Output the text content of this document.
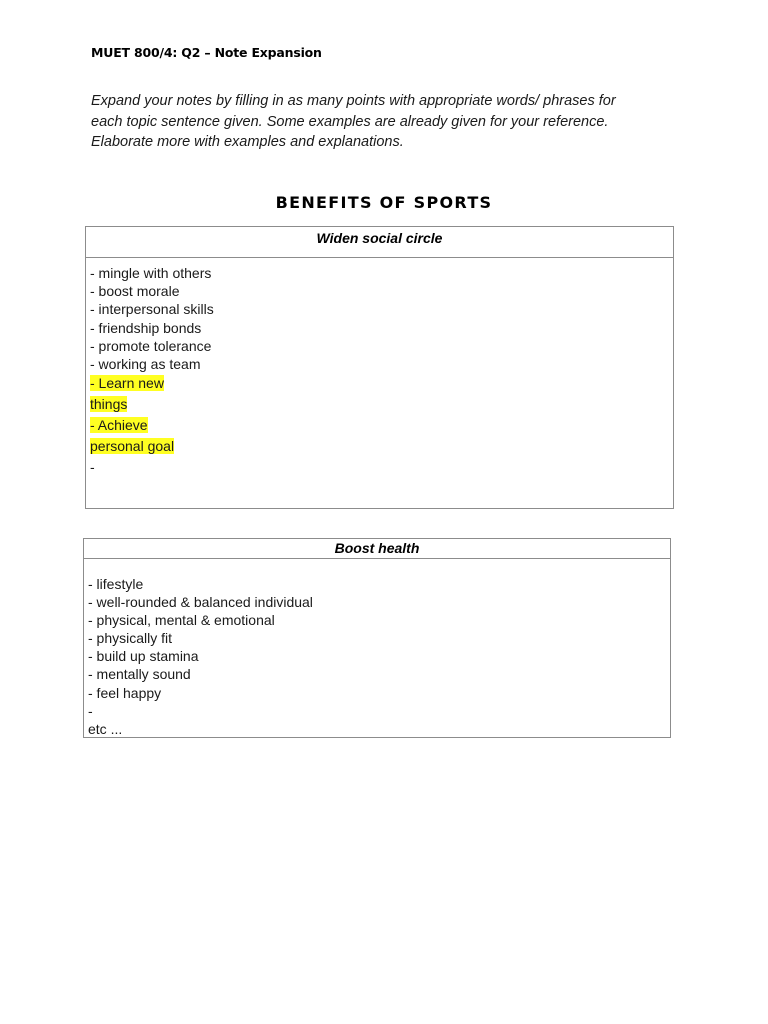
MUET 800/4: Q2 – Note Expansion
Expand your notes by filling in as many points with appropriate words/ phrases for
each topic sentence given. Some examples are already given for your reference.
Elaborate more with examples and explanations.
BENEFITS OF SPORTS
Widen social circle
- mingle with others
- boost morale
- interpersonal skills
- friendship bonds
- promote tolerance
- working as team
- Learn new
things
- Achieve
personal goal
-
Boost health
- lifestyle
- well-rounded & balanced individual
- physical, mental & emotional
- physically fit
- build up stamina
- mentally sound
- feel happy
-
etc ...
